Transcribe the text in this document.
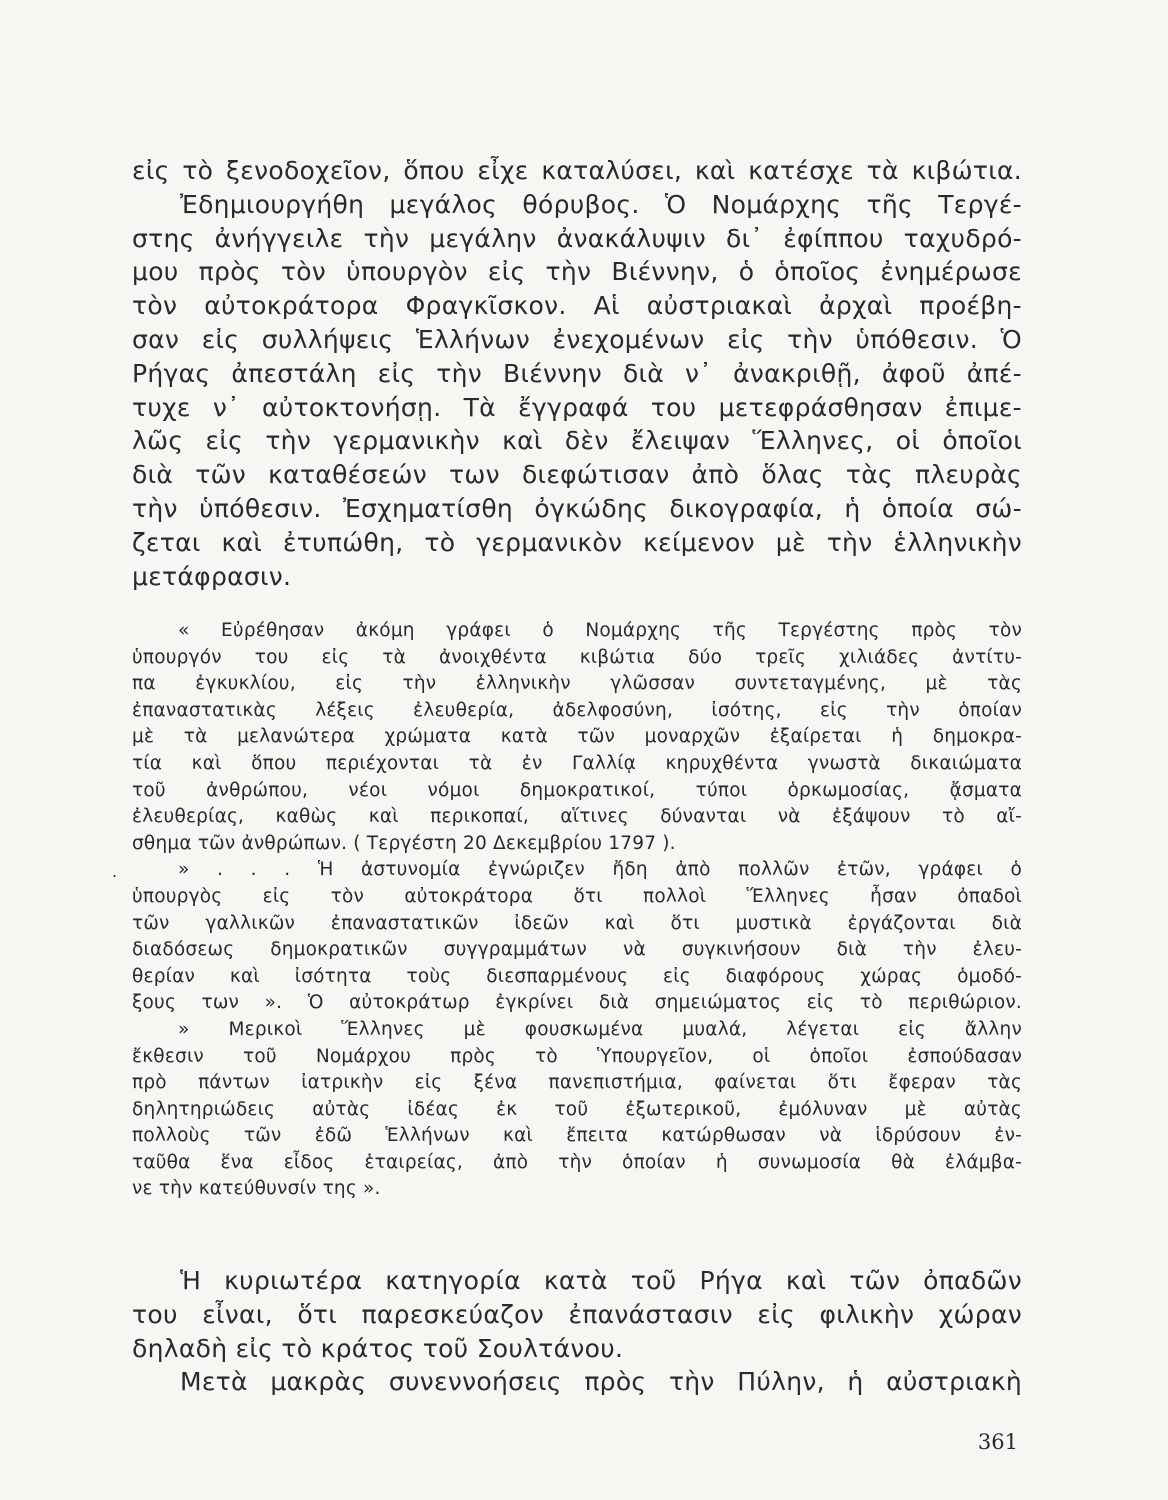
εἰς τὸ ξενοδοχεῖον, ὅπου εἶχε καταλύσει, καὶ κατέσχε τὰ κιβώτια.
Ἐδημιουργήθη μεγάλος θόρυβος. Ὁ Νομάρχης τῆς Τεργέ-
στης ἀνήγγειλε τὴν μεγάλην ἀνακάλυψιν δι᾽ ἐφίππου ταχυδρό-
μου πρὸς τὸν ὑπουργὸν εἰς τὴν Βιέννην, ὁ ὁποῖος ἐνημέρωσε
τὸν αὐτοκράτορα Φραγκῖσκον. Αἱ αὐστριακαὶ ἀρχαὶ προέβη-
σαν εἰς συλλήψεις Ἑλλήνων ἐνεχομένων εἰς τὴν ὑπόθεσιν. Ὁ
Ρήγας ἀπεστάλη εἰς τὴν Βιέννην διὰ ν᾽ ἀνακριθῇ, ἀφοῦ ἀπέ-
τυχε ν᾽ αὐτοκτονήσῃ. Τὰ ἔγγραφά του μετεφράσθησαν ἐπιμε-
λῶς εἰς τὴν γερμανικὴν καὶ δὲν ἔλειψαν Ἕλληνες, οἱ ὁποῖοι
διὰ τῶν καταθέσεών των διεφώτισαν ἀπὸ ὅλας τὰς πλευρὰς
τὴν ὑπόθεσιν. Ἐσχηματίσθη ὀγκώδης δικογραφία, ἡ ὁποία σώ-
ζεται καὶ ἐτυπώθη, τὸ γερμανικὸν κείμενον μὲ τὴν ἑλληνικὴν
μετάφρασιν.
« Εὐρέθησαν ἀκόμη γράφει ὁ Νομάρχης τῆς Τεργέστης πρὸς τὸν
ὑπουργόν του εἰς τὰ ἀνοιχθέντα κιβώτια δύο τρεῖς χιλιάδες ἀντίτυ-
πα ἐγκυκλίου, εἰς τὴν ἑλληνικὴν γλῶσσαν συντεταγμένης, μὲ τὰς
ἐπαναστατικὰς λέξεις ἐλευθερία, ἀδελφοσύνη, ἰσότης, εἰς τὴν ὁποίαν
μὲ τὰ μελανώτερα χρώματα κατὰ τῶν μοναρχῶν ἐξαίρεται ἡ δημοκρα-
τία καὶ ὅπου περιέχονται τὰ ἐν Γαλλίᾳ κηρυχθέντα γνωστὰ δικαιώματα
τοῦ ἀνθρώπου, νέοι νόμοι δημοκρατικοί, τύποι ὁρκωμοσίας, ᾄσματα
ἐλευθερίας, καθὼς καὶ περικοπαί, αἵτινες δύνανται νὰ ἐξάψουν τὸ αἴ-
σθημα τῶν ἀνθρώπων. ( Τεργέστη 20 Δεκεμβρίου 1797 ).
» . . . Ἡ ἀστυνομία ἐγνώριζεν ἤδη ἀπὸ πολλῶν ἐτῶν, γράφει ὁ
ὑπουργὸς εἰς τὸν αὐτοκράτορα ὅτι πολλοὶ Ἕλληνες ἦσαν ὀπαδοὶ
τῶν γαλλικῶν ἐπαναστατικῶν ἰδεῶν καὶ ὅτι μυστικὰ ἐργάζονται διὰ
διαδόσεως δημοκρατικῶν συγγραμμάτων νὰ συγκινήσουν διὰ τὴν ἐλευ-
θερίαν καὶ ἰσότητα τοὺς διεσπαρμένους εἰς διαφόρους χώρας ὁμοδό-
ξους των ». Ὁ αὐτοκράτωρ ἐγκρίνει διὰ σημειώματος εἰς τὸ περιθώριον.
» Μερικοὶ Ἕλληνες μὲ φουσκωμένα μυαλά, λέγεται εἰς ἄλλην
ἔκθεσιν τοῦ Νομάρχου πρὸς τὸ Ὑπουργεῖον, οἱ ὁποῖοι ἐσπούδασαν
πρὸ πάντων ἰατρικὴν εἰς ξένα πανεπιστήμια, φαίνεται ὅτι ἔφεραν τὰς
δηλητηριώδεις αὐτὰς ἰδέας ἐκ τοῦ ἐξωτερικοῦ, ἐμόλυναν μὲ αὐτὰς
πολλοὺς τῶν ἐδῶ Ἑλλήνων καὶ ἔπειτα κατώρθωσαν νὰ ἱδρύσουν ἐν-
ταῦθα ἕνα εἶδος ἑταιρείας, ἀπὸ τὴν ὁποίαν ἡ συνωμοσία θὰ ἐλάμβα-
νε τὴν κατεύθυνσίν της ».
.
Ἡ κυριωτέρα κατηγορία κατὰ τοῦ Ρήγα καὶ τῶν ὀπαδῶν
του εἶναι, ὅτι παρεσκεύαζον ἐπανάστασιν εἰς φιλικὴν χώραν
δηλαδὴ εἰς τὸ κράτος τοῦ Σουλτάνου.
Μετὰ μακρὰς συνεννοήσεις πρὸς τὴν Πύλην, ἡ αὐστριακὴ
361
